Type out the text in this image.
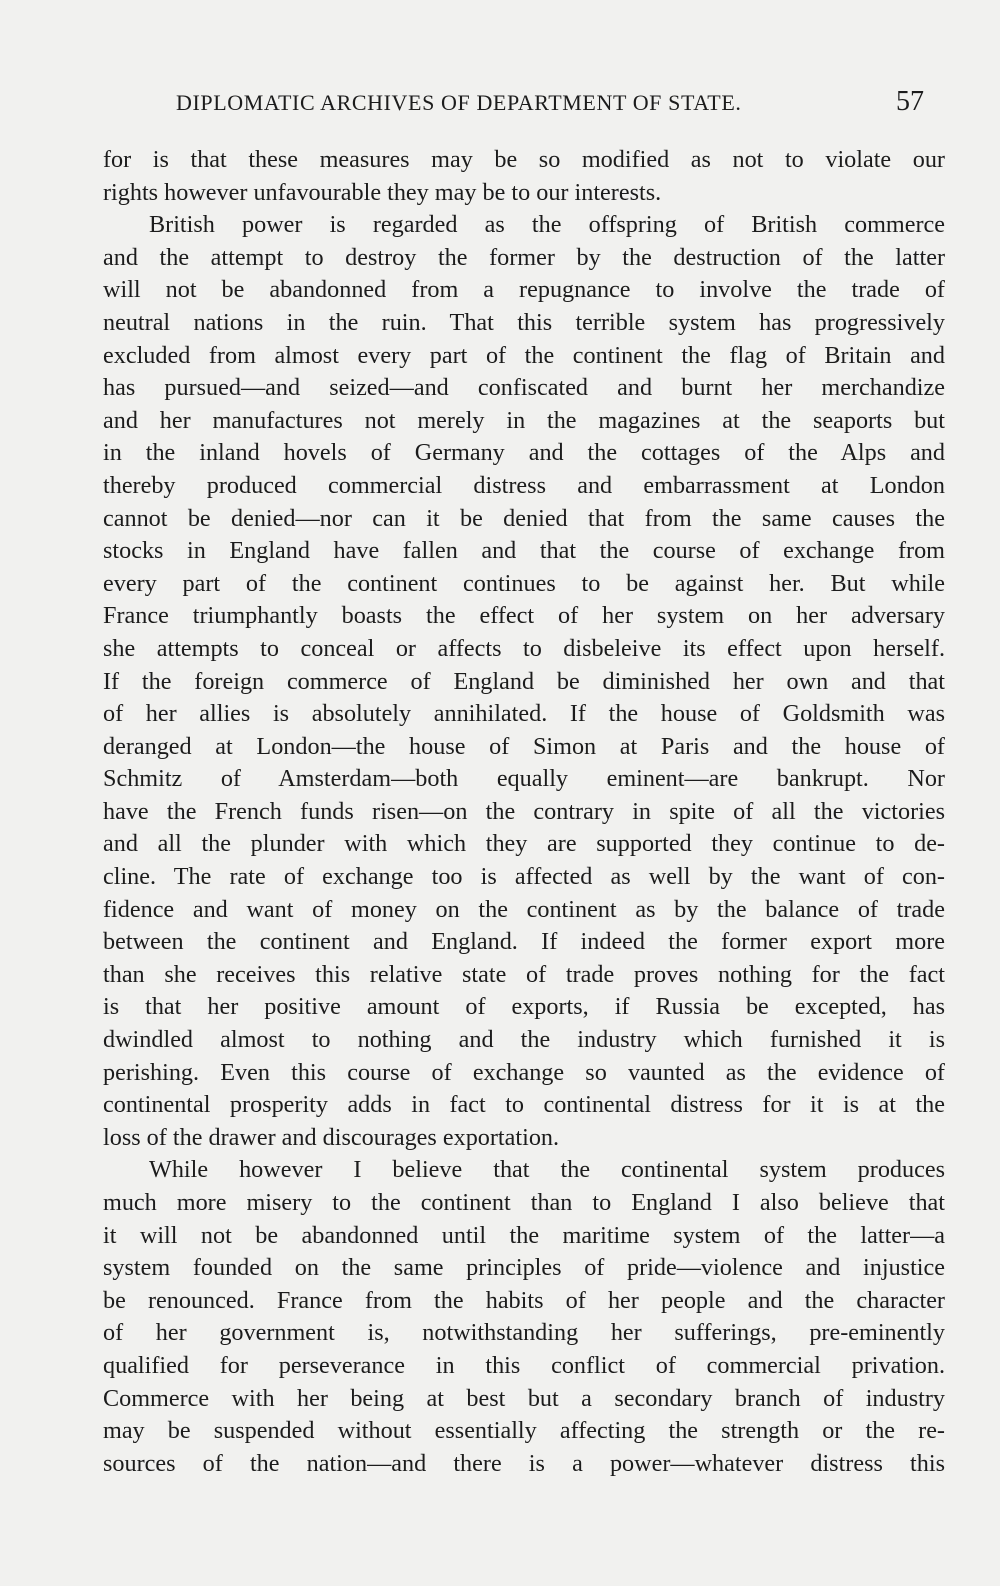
DIPLOMATIC ARCHIVES OF DEPARTMENT OF STATE.	57
for is that these measures may be so modified as not to violate our
rights however unfavourable they may be to our interests.
British power is regarded as the offspring of British commerce
and the attempt to destroy the former by the destruction of the latter
will not be abandonned from a repugnance to involve the trade of
neutral nations in the ruin. That this terrible system has progressively
excluded from almost every part of the continent the flag of Britain and
has pursued—and seized—and confiscated and burnt her merchandize
and her manufactures not merely in the magazines at the seaports but
in the inland hovels of Germany and the cottages of the Alps and
thereby produced commercial distress and embarrassment at London
cannot be denied—nor can it be denied that from the same causes the
stocks in England have fallen and that the course of exchange from
every part of the continent continues to be against her. But while
France triumphantly boasts the effect of her system on her adversary
she attempts to conceal or affects to disbeleive its effect upon herself.
If the foreign commerce of England be diminished her own and that
of her allies is absolutely annihilated. If the house of Goldsmith was
deranged at London—the house of Simon at Paris and the house of
Schmitz of Amsterdam—both equally eminent—are bankrupt. Nor
have the French funds risen—on the contrary in spite of all the victories
and all the plunder with which they are supported they continue to de-
cline. The rate of exchange too is affected as well by the want of con-
fidence and want of money on the continent as by the balance of trade
between the continent and England. If indeed the former export more
than she receives this relative state of trade proves nothing for the fact
is that her positive amount of exports, if Russia be excepted, has
dwindled almost to nothing and the industry which furnished it is
perishing. Even this course of exchange so vaunted as the evidence of
continental prosperity adds in fact to continental distress for it is at the
loss of the drawer and discourages exportation.
While however I believe that the continental system produces
much more misery to the continent than to England I also believe that
it will not be abandonned until the maritime system of the latter—a
system founded on the same principles of pride—violence and injustice
be renounced. France from the habits of her people and the character
of her government is, notwithstanding her sufferings, pre-eminently
qualified for perseverance in this conflict of commercial privation.
Commerce with her being at best but a secondary branch of industry
may be suspended without essentially affecting the strength or the re-
sources of the nation—and there is a power—whatever distress this
